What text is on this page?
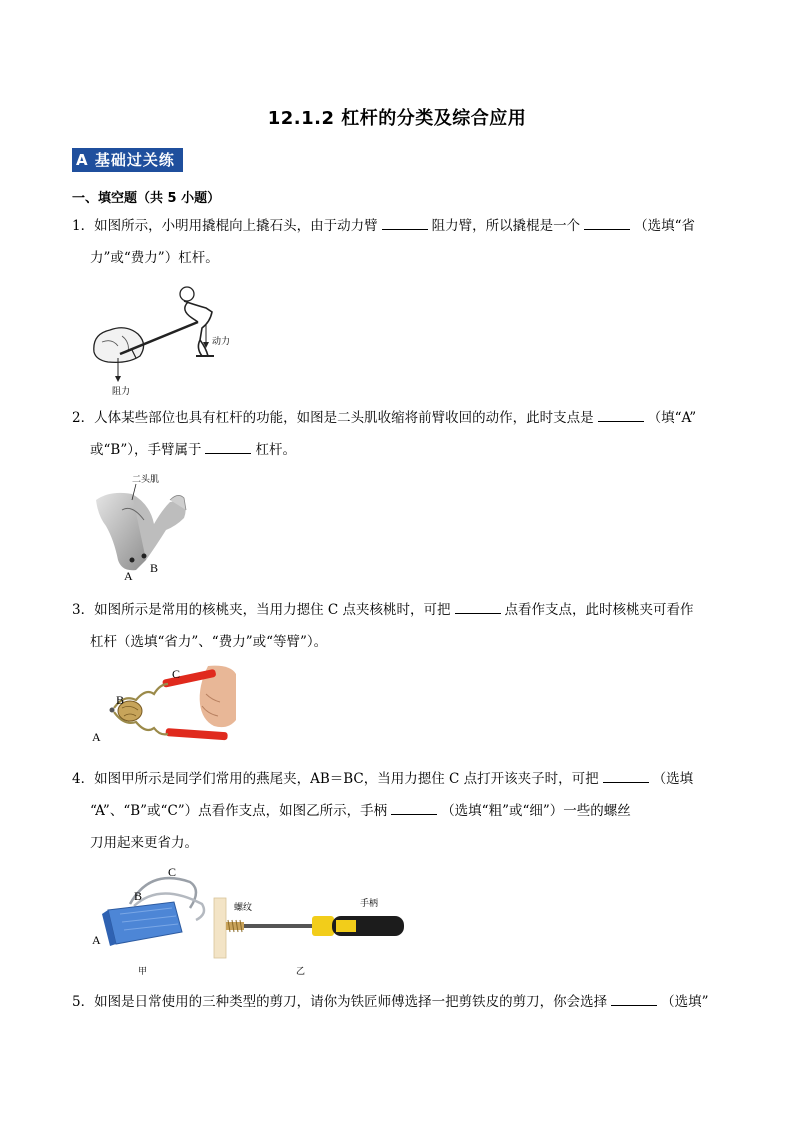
12.1.2 杠杆的分类及综合应用
A 基础过关练
一、填空题（共 5 小题）
1．如图所示，小明用撬棍向上撬石头，由于动力臂	阻力臂，所以撬棍是一个	（选填“省
力”或“费力”）杠杆。
动力
阻力
2．人体某些部位也具有杠杆的功能，如图是二头肌收缩将前臂收回的动作，此时支点是	（填“A”
或“B”），手臂属于	杠杆。
二头肌
A
B
3．如图所示是常用的核桃夹，当用力摁住 C 点夹核桃时，可把	点看作支点，此时核桃夹可看作
杠杆（选填“省力”、“费力”或“等臂”）。
C
B
A
4．如图甲所示是同学们常用的燕尾夹，AB＝BC，当用力摁住 C 点打开该夹子时，可把	（选填
“A”、“B”或“C”）点看作支点，如图乙所示，手柄	（选填“粗”或“细”）一些的螺丝
刀用起来更省力。
C
B
A
甲
螺纹	手柄
乙
5．如图是日常使用的三种类型的剪刀，请你为铁匠师傅选择一把剪铁皮的剪刀，你会选择	（选填”
